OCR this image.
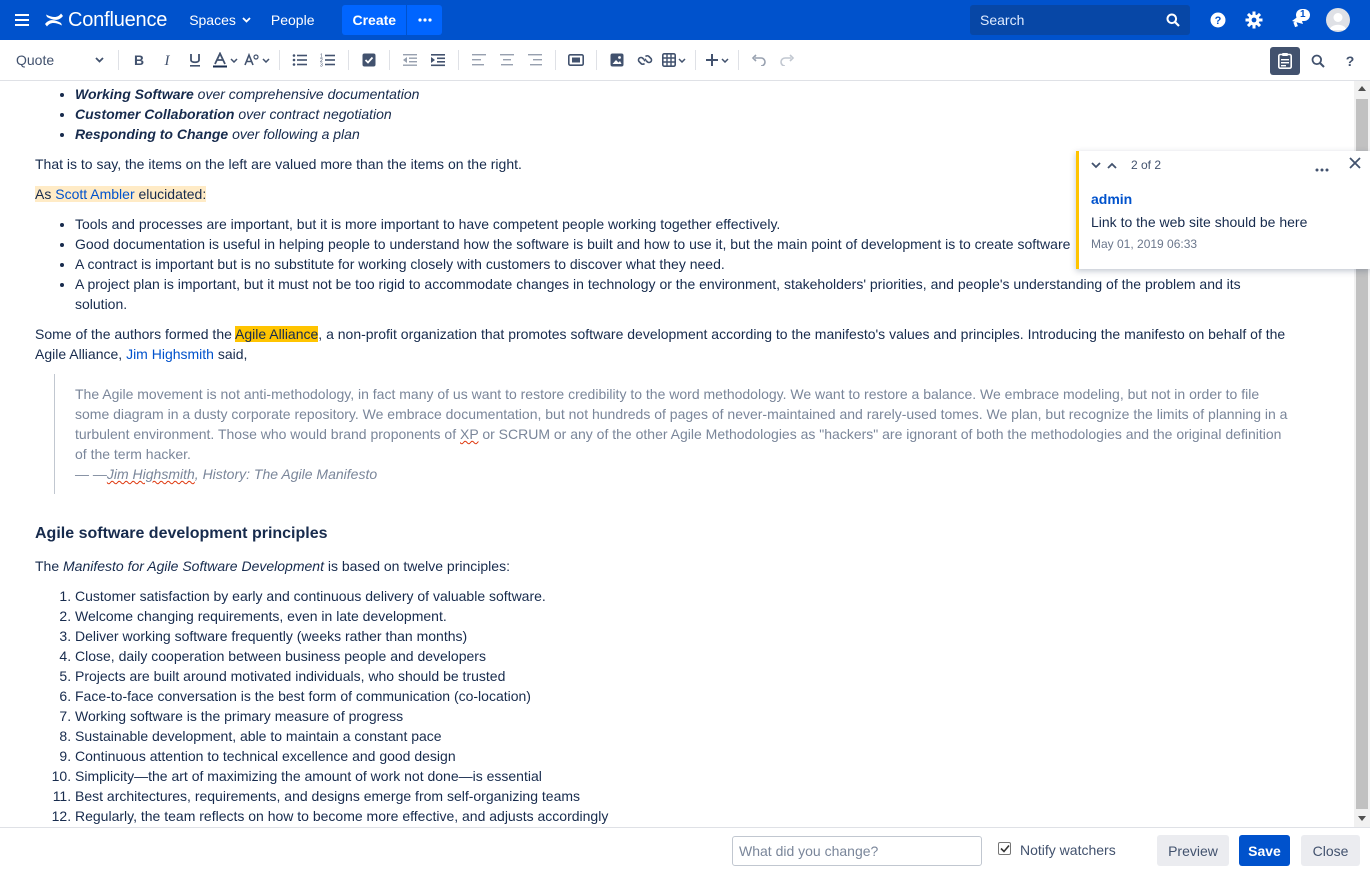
Confluence Spaces	People	Create
Search	?
1
Quote	B I	1
2
3	?
• Working Software over comprehensive documentation
• Customer Collaboration over contract negotiation
• Responding to Change over following a plan

That is to say, the items on the left are valued more than the items on the right.

As Scott Ambler elucidated:

• Tools and processes are important, but it is more important to have competent people working together effectively.
• Good documentation is useful in helping people to understand how the software is built and how to use it, but the main point of development is to create software
• A contract is important but is no substitute for working closely with customers to discover what they need.
• A project plan is important, but it must not be too rigid to accommodate changes in technology or the environment, stakeholders' priorities, and people's understanding of the problem and its solution.

Some of the authors formed the Agile Alliance, a non-profit organization that promotes software development according to the manifesto's values and principles. Introducing the manifesto on behalf of the Agile Alliance, Jim Highsmith said,

The Agile movement is not anti-methodology, in fact many of us want to restore credibility to the word methodology. We want to restore a balance. We embrace modeling, but not in order to file some diagram in a dusty corporate repository. We embrace documentation, but not hundreds of pages of never-maintained and rarely-used tomes. We plan, but recognize the limits of planning in a turbulent environment. Those who would brand proponents of XP or SCRUM or any of the other Agile Methodologies as "hackers" are ignorant of both the methodologies and the original definition of the term hacker.
— —Jim Highsmith, History: The Agile Manifesto
Agile software development principles

The Manifesto for Agile Software Development is based on twelve principles:

1. Customer satisfaction by early and continuous delivery of valuable software.
2. Welcome changing requirements, even in late development.
3. Deliver working software frequently (weeks rather than months)
4. Close, daily cooperation between business people and developers
5. Projects are built around motivated individuals, who should be trusted
6. Face-to-face conversation is the best form of communication (co-location)
7. Working software is the primary measure of progress
8. Sustainable development, able to maintain a constant pace
9. Continuous attention to technical excellence and good design
10. Simplicity—the art of maximizing the amount of work not done—is essential
11. Best architectures, requirements, and designs emerge from self-organizing teams
12. Regularly, the team reflects on how to become more effective, and adjusts accordingly
2 of 2
admin
Link to the web site should be here
May 01, 2019 06:33
What did you change?
Notify watchers	Preview	Save	Close
